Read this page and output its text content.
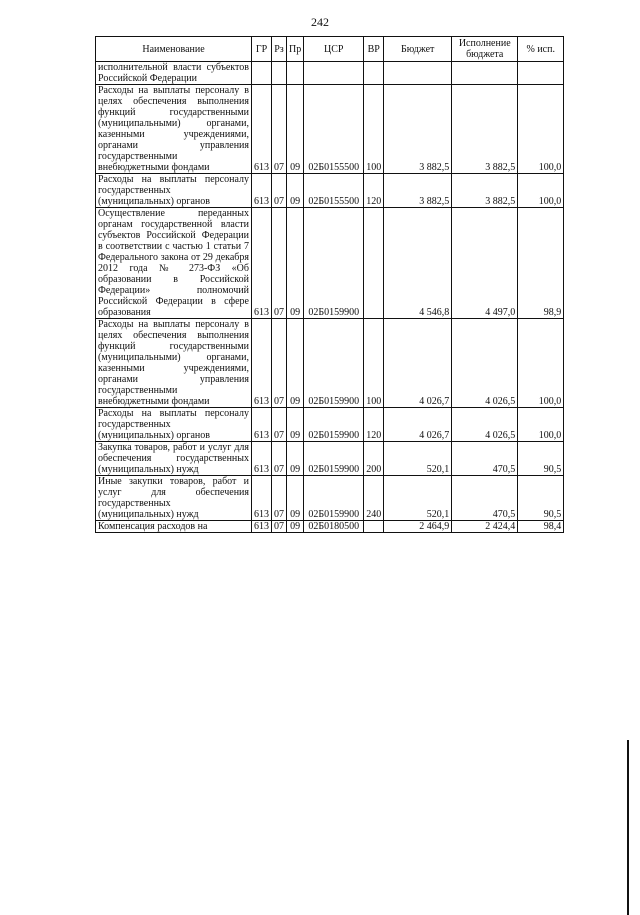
242
Наименование	ГР	Рз	Пр	ЦСР	ВР	Бюджет	Исполнение бюджета	% исп.
исполнительной власти субъектов Российской Федерации								
Расходы на выплаты персоналу в целях обеспечения выполнения функций государственными (муниципальными) органами, казенными учреждениями, органами управления государственными внебюджетными фондами	613	07	09	02Б0155500	100	3 882,5	3 882,5	100,0
Расходы на выплаты персоналу государственных (муниципальных) органов	613	07	09	02Б0155500	120	3 882,5	3 882,5	100,0
Осуществление переданных органам государственной власти субъектов Российской Федерации в соответствии с частью 1 статьи 7 Федерального закона от 29 декабря 2012 года № 273-ФЗ «Об образовании в Российской Федерации» полномочий Российской Федерации в сфере образования	613	07	09	02Б0159900		4 546,8	4 497,0	98,9
Расходы на выплаты персоналу в целях обеспечения выполнения функций государственными (муниципальными) органами, казенными учреждениями, органами управления государственными внебюджетными фондами	613	07	09	02Б0159900	100	4 026,7	4 026,5	100,0
Расходы на выплаты персоналу государственных (муниципальных) органов	613	07	09	02Б0159900	120	4 026,7	4 026,5	100,0
Закупка товаров, работ и услуг для обеспечения государственных (муниципальных) нужд	613	07	09	02Б0159900	200	520,1	470,5	90,5
Иные закупки товаров, работ и услуг для обеспечения государственных (муниципальных) нужд	613	07	09	02Б0159900	240	520,1	470,5	90,5
Компенсация расходов на	613	07	09	02Б0180500		2 464,9	2 424,4	98,4
